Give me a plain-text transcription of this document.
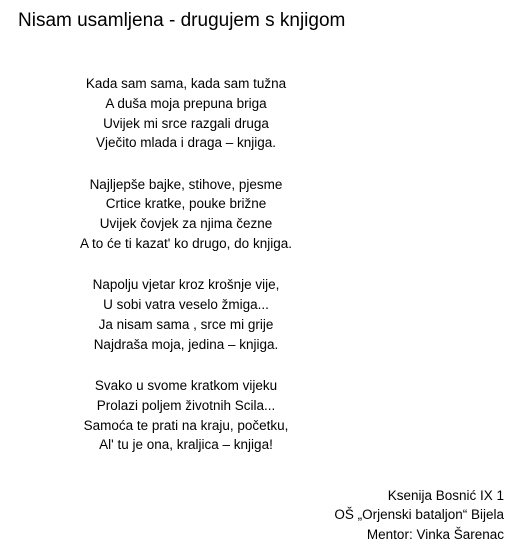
Nisam usamljena - drugujem s knjigom
Kada sam sama, kada sam tužna
A duša moja prepuna briga
Uvijek mi srce razgali druga
Vječito mlada i draga – knjiga.
Najljepše bajke, stihove, pjesme
Crtice kratke, pouke brižne
Uvijek čovjek za njima čezne
A to će ti kazat' ko drugo, do knjiga.
Napolju vjetar kroz krošnje vije,
U sobi vatra veselo žmiga...
Ja nisam sama , srce mi grije
Najdraša moja, jedina – knjiga.
Svako u svome kratkom vijeku
Prolazi poljem životnih Scila...
Samoća te prati na kraju, početku,
Al' tu je ona, kraljica – knjiga!
Ksenija Bosnić IX 1
OŠ „Orjenski bataljon“ Bijela
Mentor: Vinka Šarenac
